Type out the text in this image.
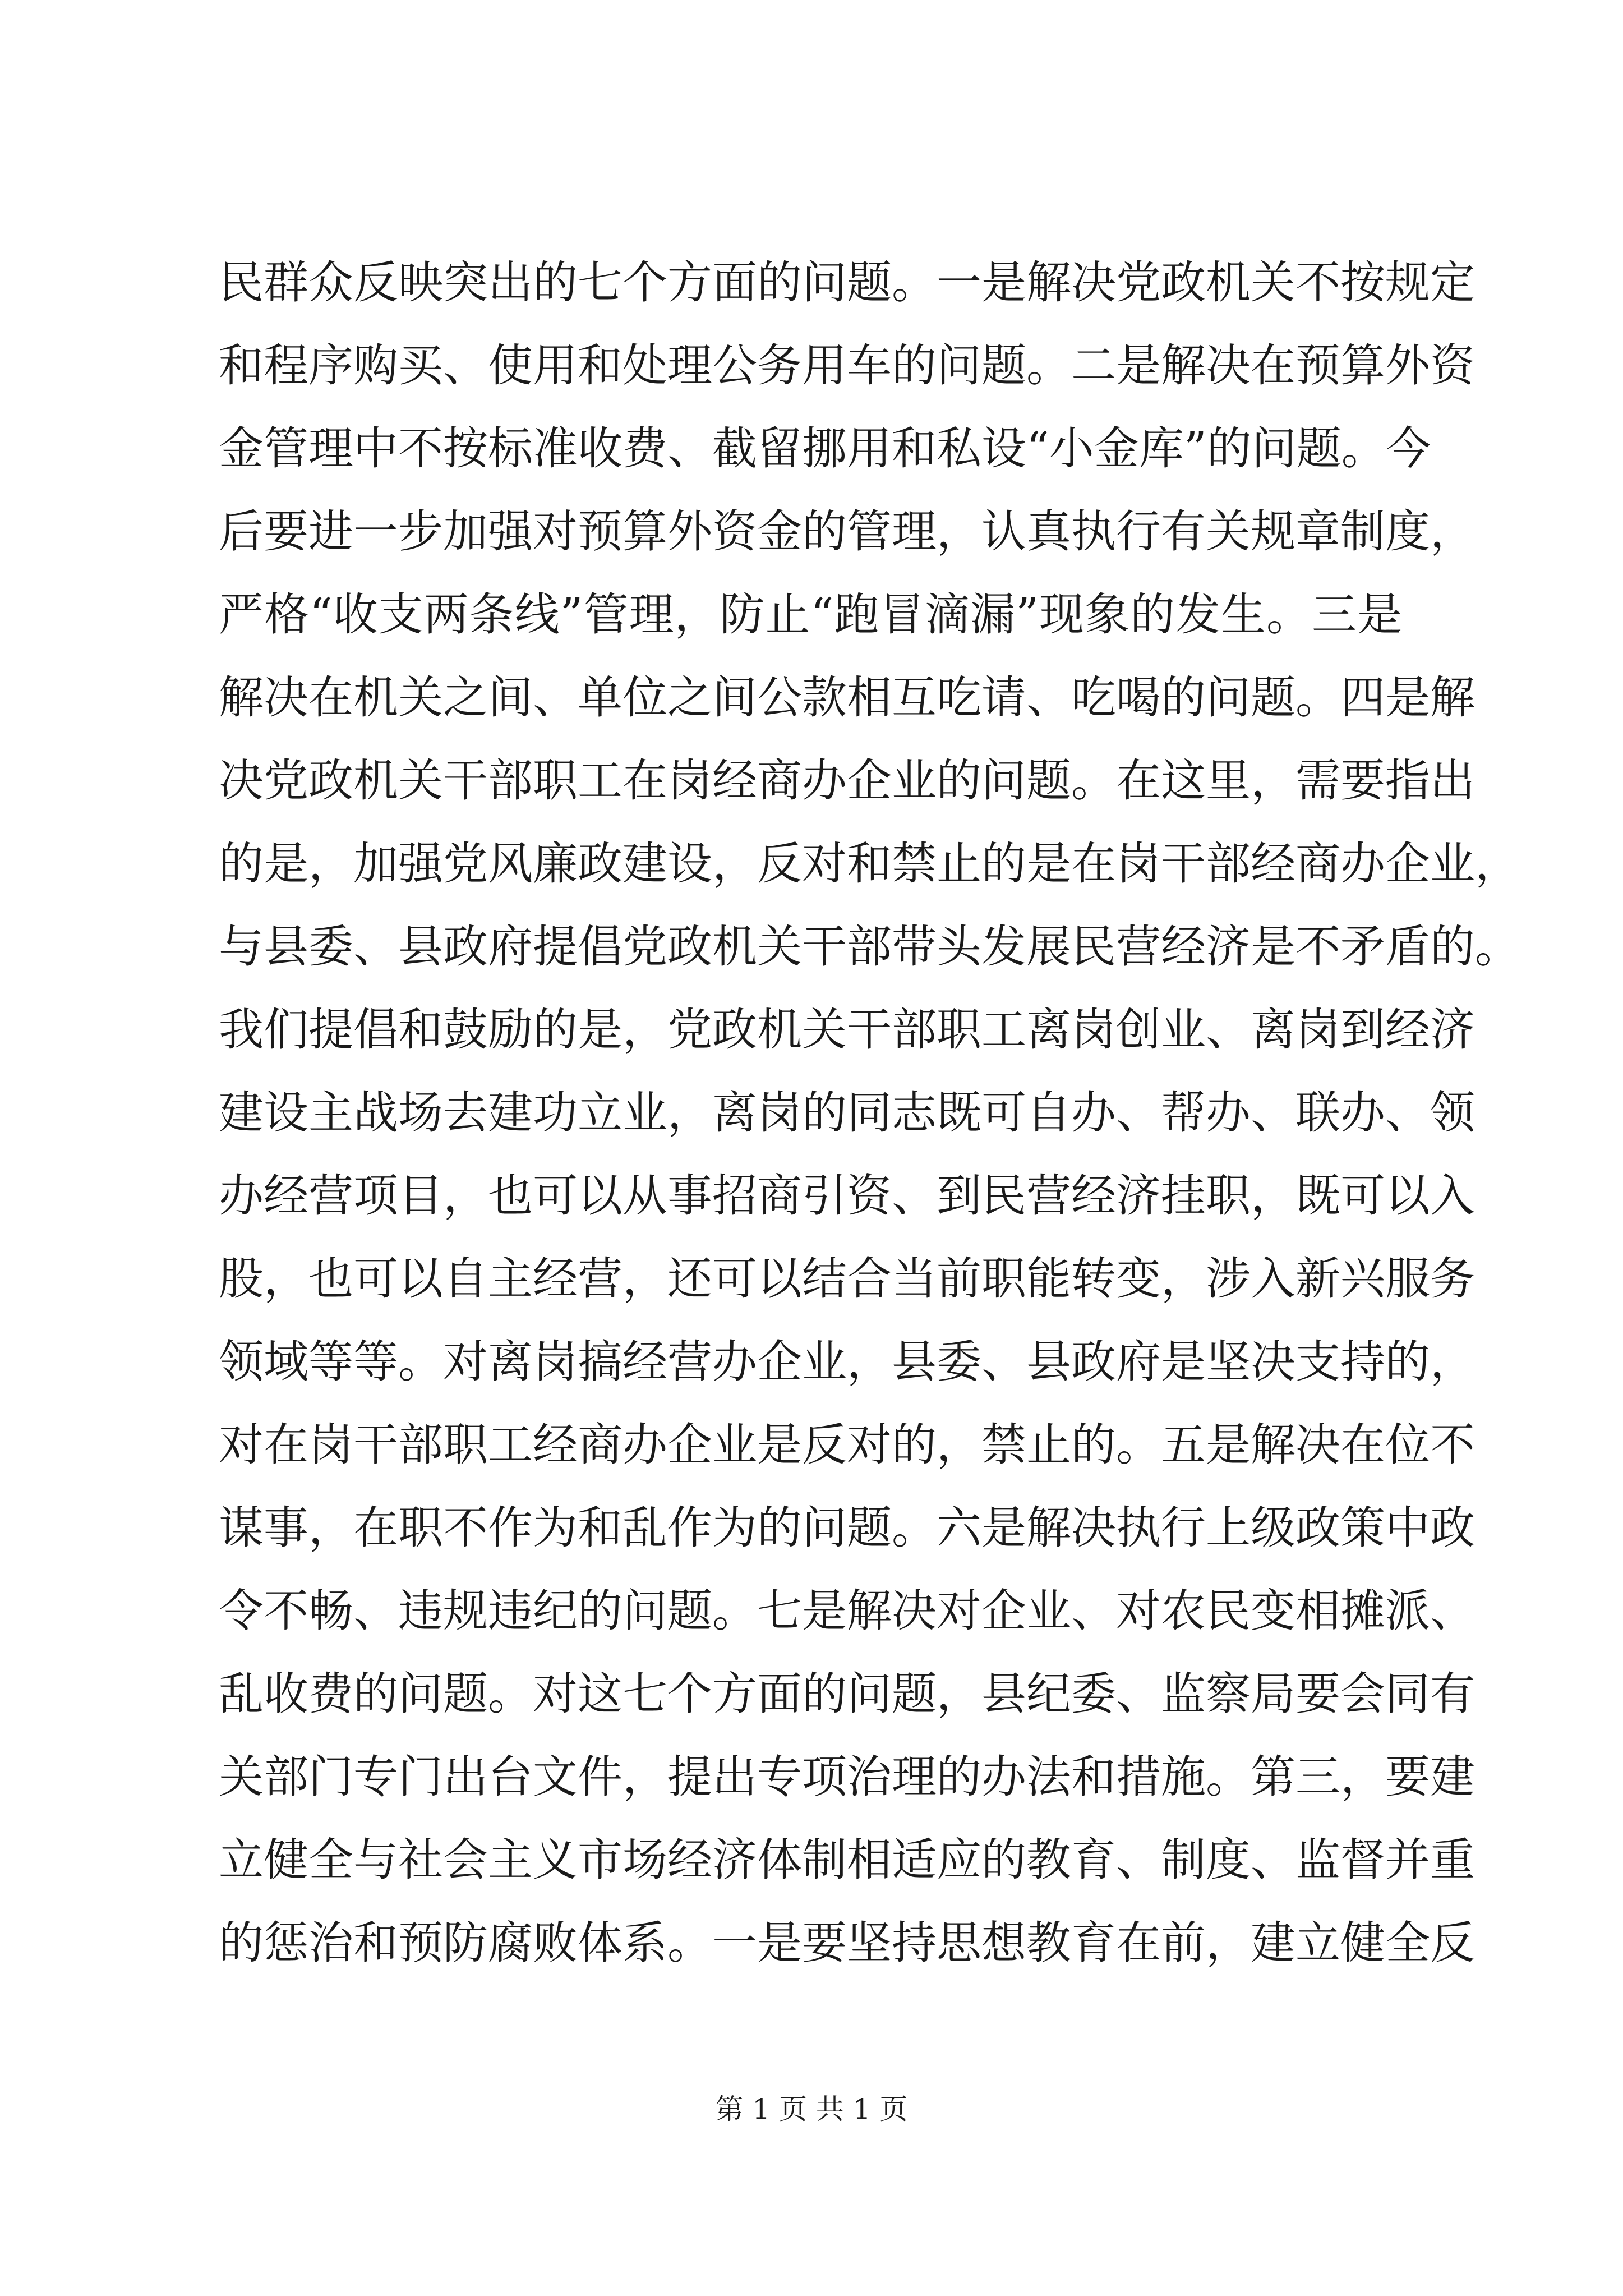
民群众反映突出的七个方面的问题。一是解决党政机关不按规定
和程序购买、使用和处理公务用车的问题。二是解决在预算外资
金管理中不按标准收费、截留挪用和私设“小金库”的问题。今
后要进一步加强对预算外资金的管理，认真执行有关规章制度，
严格“收支两条线”管理，防止“跑冒滴漏”现象的发生。三是
解决在机关之间、单位之间公款相互吃请、吃喝的问题。四是解
决党政机关干部职工在岗经商办企业的问题。在这里，需要指出
的是，加强党风廉政建设，反对和禁止的是在岗干部经商办企业，
与县委、县政府提倡党政机关干部带头发展民营经济是不矛盾的。
我们提倡和鼓励的是，党政机关干部职工离岗创业、离岗到经济
建设主战场去建功立业，离岗的同志既可自办、帮办、联办、领
办经营项目，也可以从事招商引资、到民营经济挂职，既可以入
股，也可以自主经营，还可以结合当前职能转变，涉入新兴服务
领域等等。对离岗搞经营办企业，县委、县政府是坚决支持的，
对在岗干部职工经商办企业是反对的，禁止的。五是解决在位不
谋事，在职不作为和乱作为的问题。六是解决执行上级政策中政
令不畅、违规违纪的问题。七是解决对企业、对农民变相摊派、
乱收费的问题。对这七个方面的问题，县纪委、监察局要会同有
关部门专门出台文件，提出专项治理的办法和措施。第三，要建
立健全与社会主义市场经济体制相适应的教育、制度、监督并重
的惩治和预防腐败体系。一是要坚持思想教育在前，建立健全反
第 1 页 共 1 页
